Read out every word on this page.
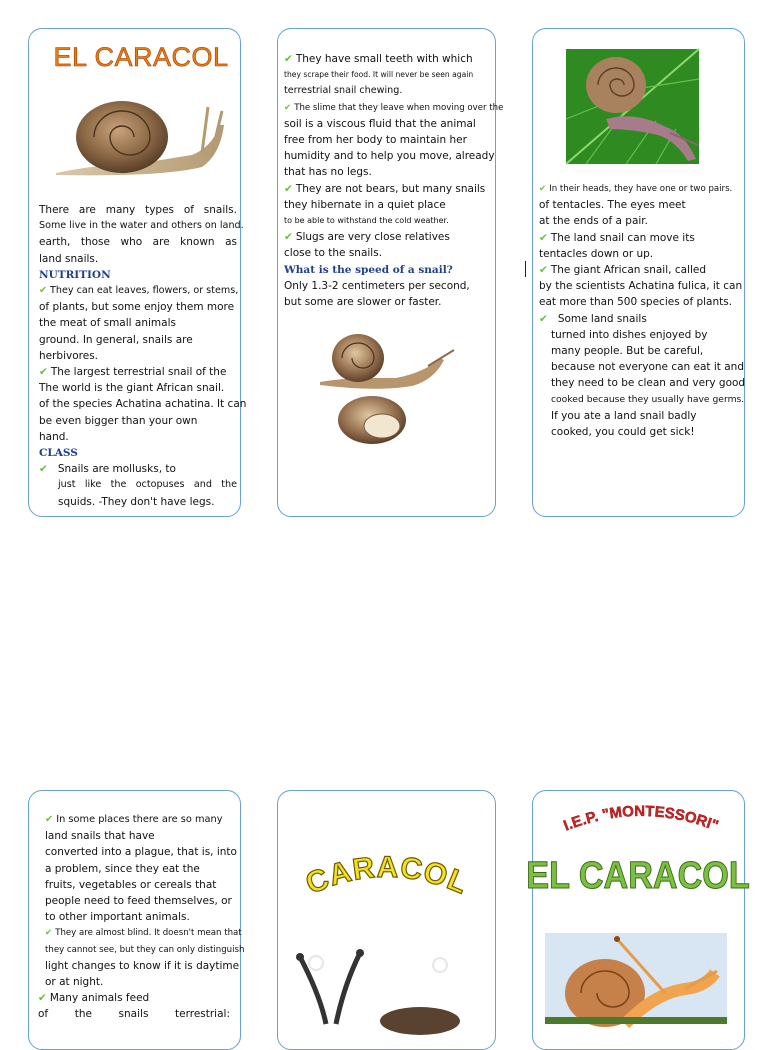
EL CARACOL
There are many types of snails.
Some live in the water and others on land.
earth, those who are known as
land snails.
NUTRITION
✔ They can eat leaves, flowers, or stems,
of plants, but some enjoy them more
the meat of small animals
ground. In general, snails are
herbivores.
✔ The largest terrestrial snail of the
The world is the giant African snail.
of the species Achatina achatina. It can
be even bigger than your own
hand.
CLASS
✔ Snails are mollusks, to
just like the octopuses and the
squids. -They don't have legs.
✔ They have small teeth with which
they scrape their food. It will never be seen again
terrestrial snail chewing.
✔ The slime that they leave when moving over the
soil is a viscous fluid that the animal
free from her body to maintain her
humidity and to help you move, already
that has no legs.
✔ They are not bears, but many snails
they hibernate in a quiet place
to be able to withstand the cold weather.
✔ Slugs are very close relatives
close to the snails.
What is the speed of a snail?
Only 1.3-2 centimeters per second,
but some are slower or faster.
✔ In their heads, they have one or two pairs.
of tentacles. The eyes meet
at the ends of a pair.
✔ The land snail can move its
tentacles down or up.
✔ The giant African snail, called
by the scientists Achatina fulica, it can
eat more than 500 species of plants.
✔ Some land snails
turned into dishes enjoyed by
many people. But be careful,
because not everyone can eat it and
they need to be clean and very good
cooked because they usually have germs.
If you ate a land snail badly
cooked, you could get sick!
✔ In some places there are so many
land snails that have
converted into a plague, that is, into
a problem, since they eat the
fruits, vegetables or cereals that
people need to feed themselves, or
to other important animals.
✔ They are almost blind. It doesn't mean that
they cannot see, but they can only distinguish
light changes to know if it is daytime
or at night.
✔ Many animals feed
of the snails terrestrial:
CARACOL
I.E.P. "MONTESSORI"
EL CARACOL
